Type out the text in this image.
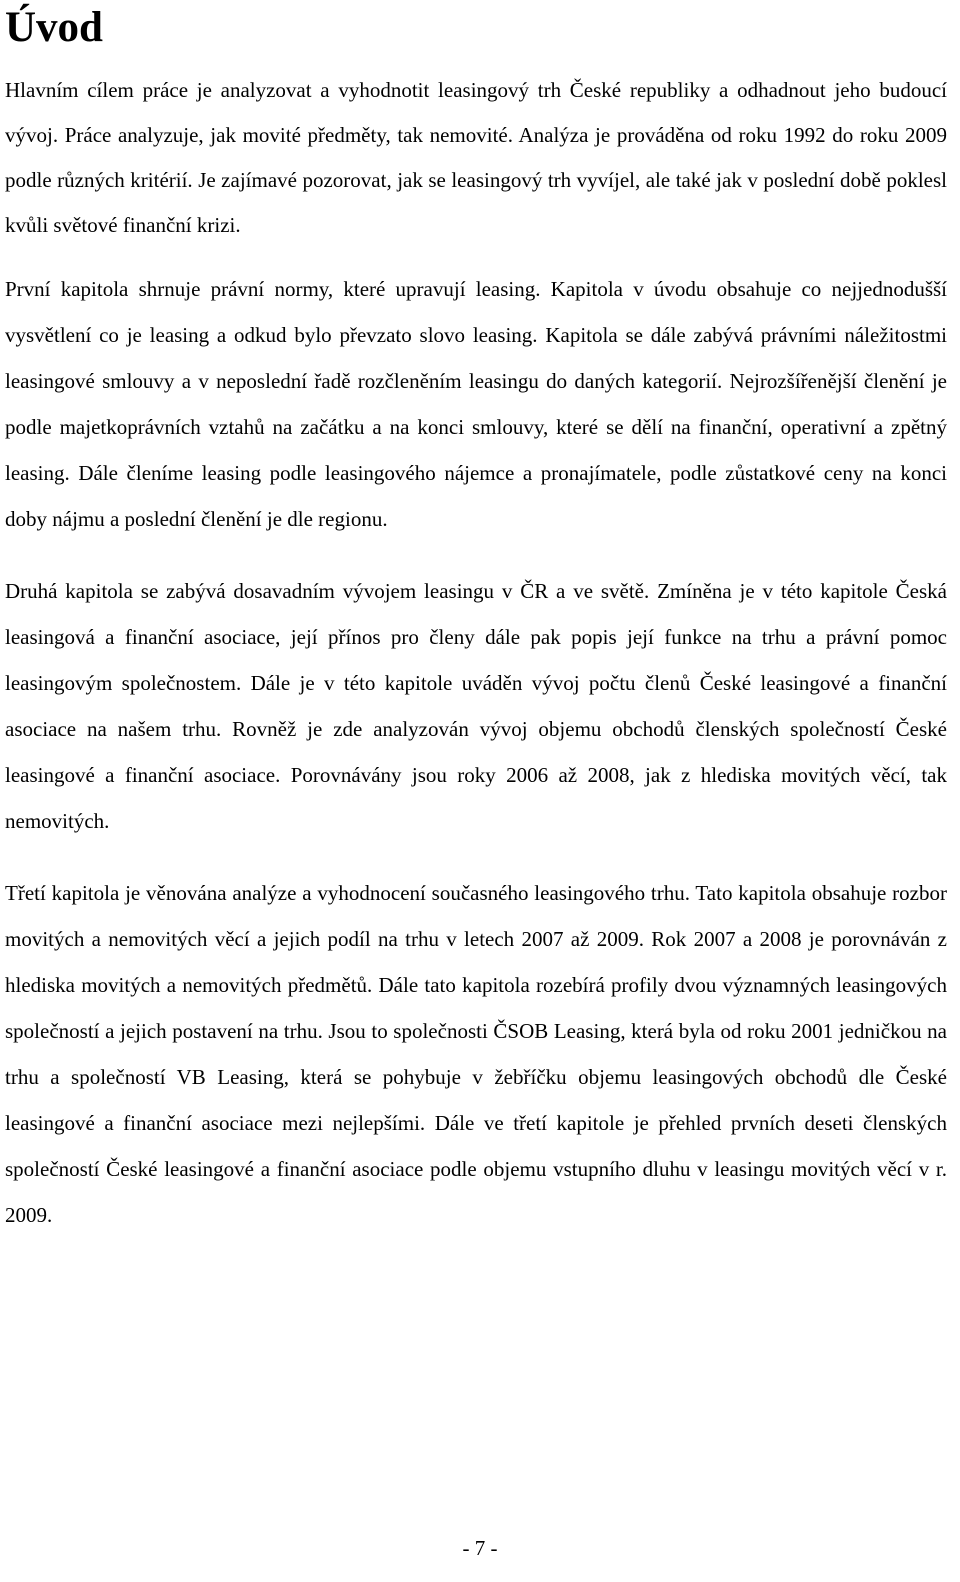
Úvod

Hlavním cílem práce je analyzovat a vyhodnotit leasingový trh České republiky a odhadnout jeho budoucí vývoj. Práce analyzuje, jak movité předměty, tak nemovité. Analýza je prováděna od roku 1992 do roku 2009 podle různých kritérií. Je zajímavé pozorovat, jak se leasingový trh vyvíjel, ale také jak v poslední době poklesl kvůli světové finanční krizi.

První kapitola shrnuje právní normy, které upravují leasing. Kapitola v úvodu obsahuje co nejjednodušší vysvětlení co je leasing a odkud bylo převzato slovo leasing. Kapitola se dále zabývá právními náležitostmi leasingové smlouvy a v neposlední řadě rozčleněním leasingu do daných kategorií. Nejrozšířenější členění je podle majetkoprávních vztahů na začátku a na konci smlouvy, které se dělí na finanční, operativní a zpětný leasing. Dále členíme leasing podle leasingového nájemce a pronajímatele, podle zůstatkové ceny na konci doby nájmu a poslední členění je dle regionu.

Druhá kapitola se zabývá dosavadním vývojem leasingu v ČR a ve světě. Zmíněna je v této kapitole Česká leasingová a finanční asociace, její přínos pro členy dále pak popis její funkce na trhu a právní pomoc leasingovým společnostem. Dále je v této kapitole uváděn vývoj počtu členů České leasingové a finanční asociace na našem trhu. Rovněž je zde analyzován vývoj objemu obchodů členských společností České leasingové a finanční asociace. Porovnávány jsou roky 2006 až 2008, jak z hlediska movitých věcí, tak nemovitých.

Třetí kapitola je věnována analýze a vyhodnocení současného leasingového trhu. Tato kapitola obsahuje rozbor movitých a nemovitých věcí a jejich podíl na trhu v letech 2007 až 2009. Rok 2007 a 2008 je porovnáván z hlediska movitých a nemovitých předmětů. Dále tato kapitola rozebírá profily dvou významných leasingových společností a jejich postavení na trhu. Jsou to společnosti ČSOB Leasing, která byla od roku 2001 jedničkou na trhu a společností VB Leasing, která se pohybuje v žebříčku objemu leasingových obchodů dle České leasingové a finanční asociace mezi nejlepšími. Dále ve třetí kapitole je přehled prvních deseti členských společností České leasingové a finanční asociace podle objemu vstupního dluhu v leasingu movitých věcí v r. 2009.

- 7 -
